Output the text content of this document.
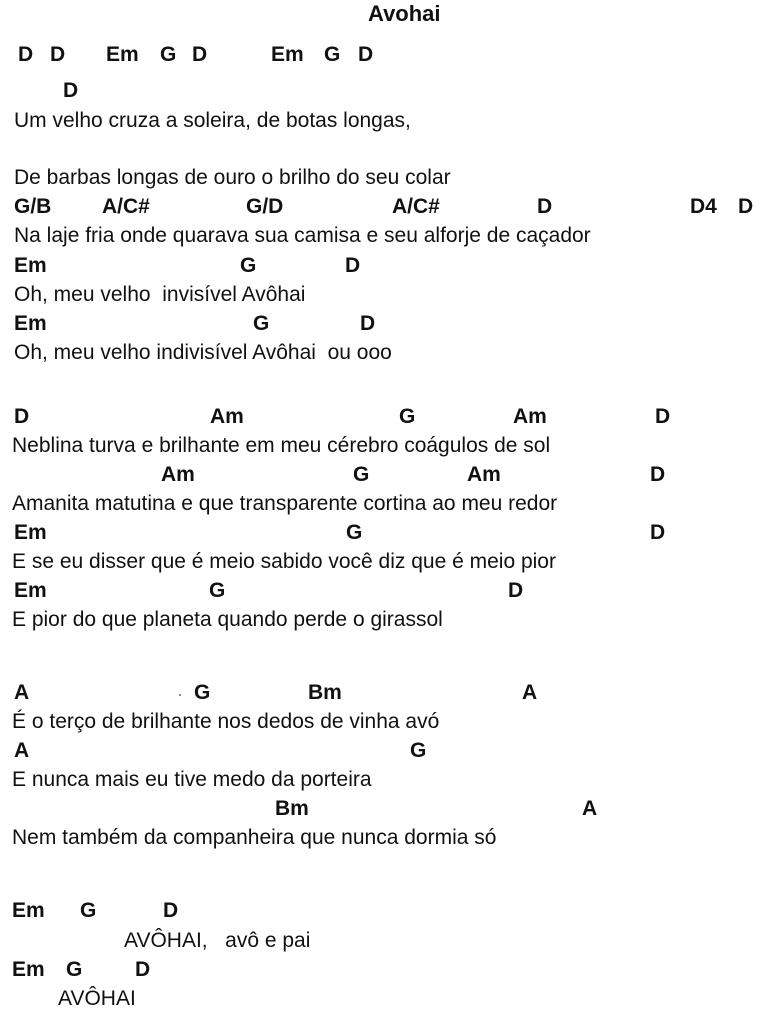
Avohai
D D Em G D	Em G D
D
Um velho cruza a soleira, de botas longas,
De barbas longas de ouro o brilho do seu colar
G/B A/C#	G/D	A/C#	D	D4 D
Na laje fria onde quarava sua camisa e seu alforje de caçador
Em	G	D
Oh, meu velho  invisível Avôhai
Em	G	D
Oh, meu velho indivisível Avôhai  ou ooo
D	Am	G	Am	D
Neblina turva e brilhante em meu cérebro coágulos de sol
Am	G	Am	D
Amanita matutina e que transparente cortina ao meu redor
Em	G	D
E se eu disser que é meio sabido você diz que é meio pior
Em	G	D
E pior do que planeta quando perde o girassol
A	G	Bm	A
É o terço de brilhante nos dedos de vinha avó
A	G
E nunca mais eu tive medo da porteira
Bm	A
Nem também da companheira que nunca dormia só
Em G	D
AVÔHAI,   avô e pai
Em G	D
AVÔHAI
